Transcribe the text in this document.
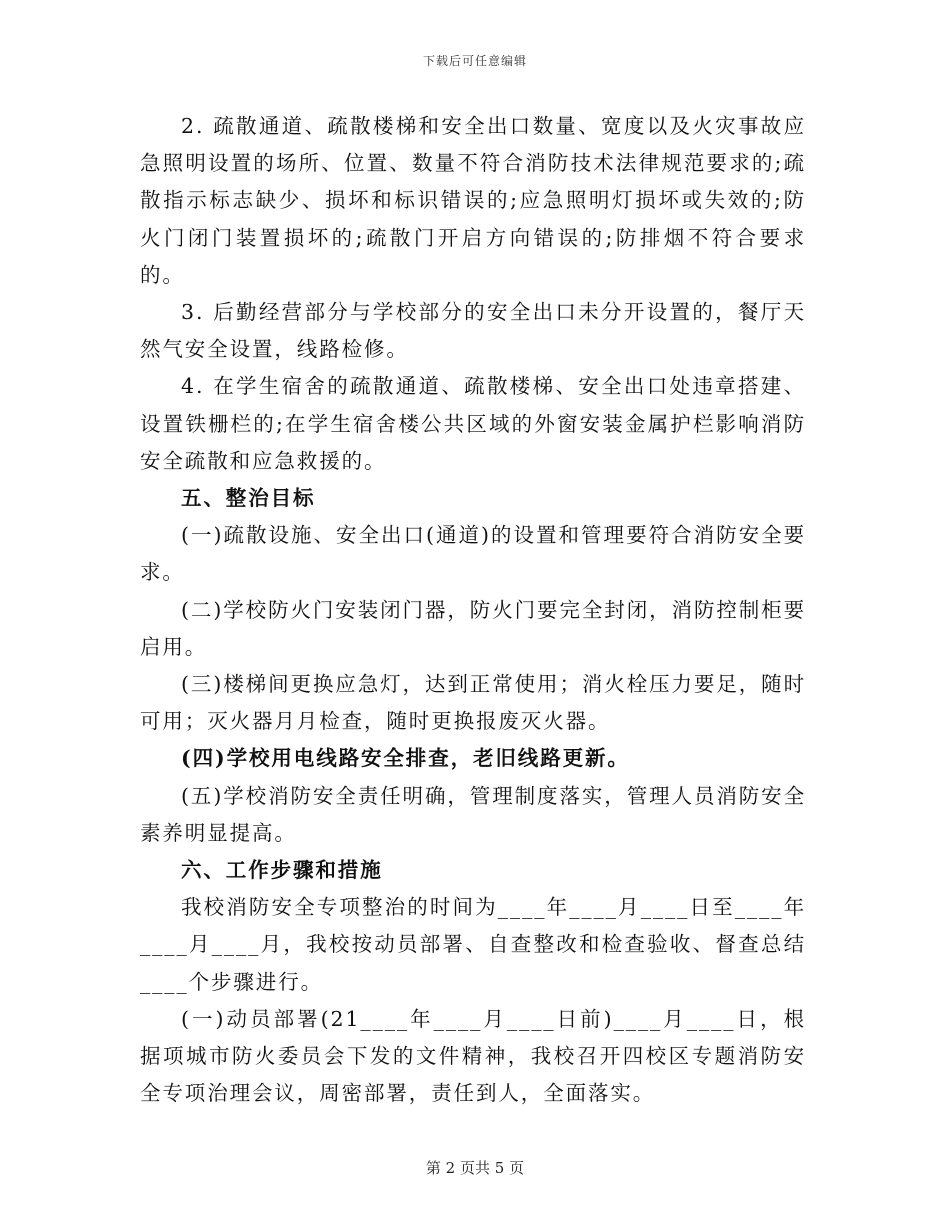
下载后可任意编辑

2. 疏散通道、疏散楼梯和安全出口数量、宽度以及火灾事故应急照明设置的场所、位置、数量不符合消防技术法律规范要求的;疏散指示标志缺少、损坏和标识错误的;应急照明灯损坏或失效的;防火门闭门装置损坏的;疏散门开启方向错误的;防排烟不符合要求的。

3. 后勤经营部分与学校部分的安全出口未分开设置的，餐厅天然气安全设置，线路检修。

4. 在学生宿舍的疏散通道、疏散楼梯、安全出口处违章搭建、设置铁栅栏的;在学生宿舍楼公共区域的外窗安装金属护栏影响消防安全疏散和应急救援的。

五、整治目标

(一)疏散设施、安全出口(通道)的设置和管理要符合消防安全要求。

(二)学校防火门安装闭门器，防火门要完全封闭，消防控制柜要启用。

(三)楼梯间更换应急灯，达到正常使用；消火栓压力要足，随时可用；灭火器月月检查，随时更换报废灭火器。

(四)学校用电线路安全排查，老旧线路更新。

(五)学校消防安全责任明确，管理制度落实，管理人员消防安全素养明显提高。

六、工作步骤和措施

我校消防安全专项整治的时间为____年____月____日至____年____月____月，我校按动员部署、自查整改和检查验收、督查总结____个步骤进行。

(一)动员部署(21____年____月____日前)____月____日，根据项城市防火委员会下发的文件精神，我校召开四校区专题消防安全专项治理会议，周密部署，责任到人，全面落实。

第 2 页共 5 页
